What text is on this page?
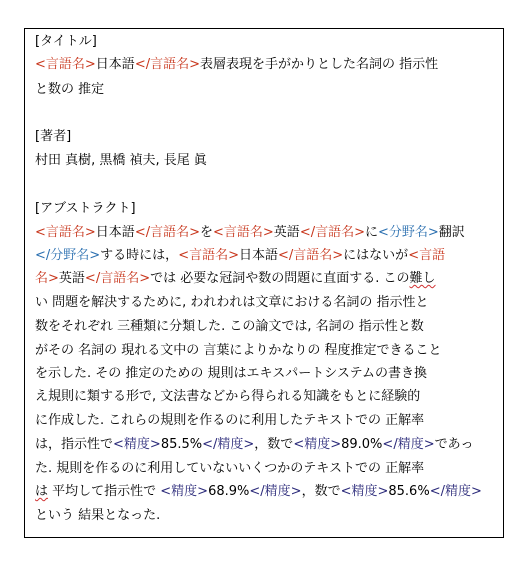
[タイトル]
<言語名>日本語</言語名>表層表現を手がかりとした名詞の 指示性
と数の 推定
[著者]
村田 真樹, 黒橋 禎夫, 長尾 眞
[アブストラクト]
<言語名>日本語</言語名>を<言語名>英語</言語名>に<分野名>翻訳
</分野名>する時には，<言語名>日本語</言語名>にはないが<言語
名>英語</言語名>では 必要な冠詞や数の問題に直面する. この難し
い 問題を解決するために, われわれは文章における名詞の 指示性と
数をそれぞれ 三種類に分類した. この論文では, 名詞の 指示性と数
がその 名詞の 現れる文中の 言葉によりかなりの 程度推定できること
を示した. その 推定のための 規則はエキスパートシステムの書き換
え規則に類する形で, 文法書などから得られる知識をもとに経験的
に作成した. これらの規則を作るのに利用したテキストでの 正解率
は，指示性で<精度>85.5%</精度>，数で<精度>89.0%</精度>であっ
た. 規則を作るのに利用していないいくつかのテキストでの 正解率
は 平均して指示性で <精度>68.9%</精度>，数で<精度>85.6%</精度>
という 結果となった.
